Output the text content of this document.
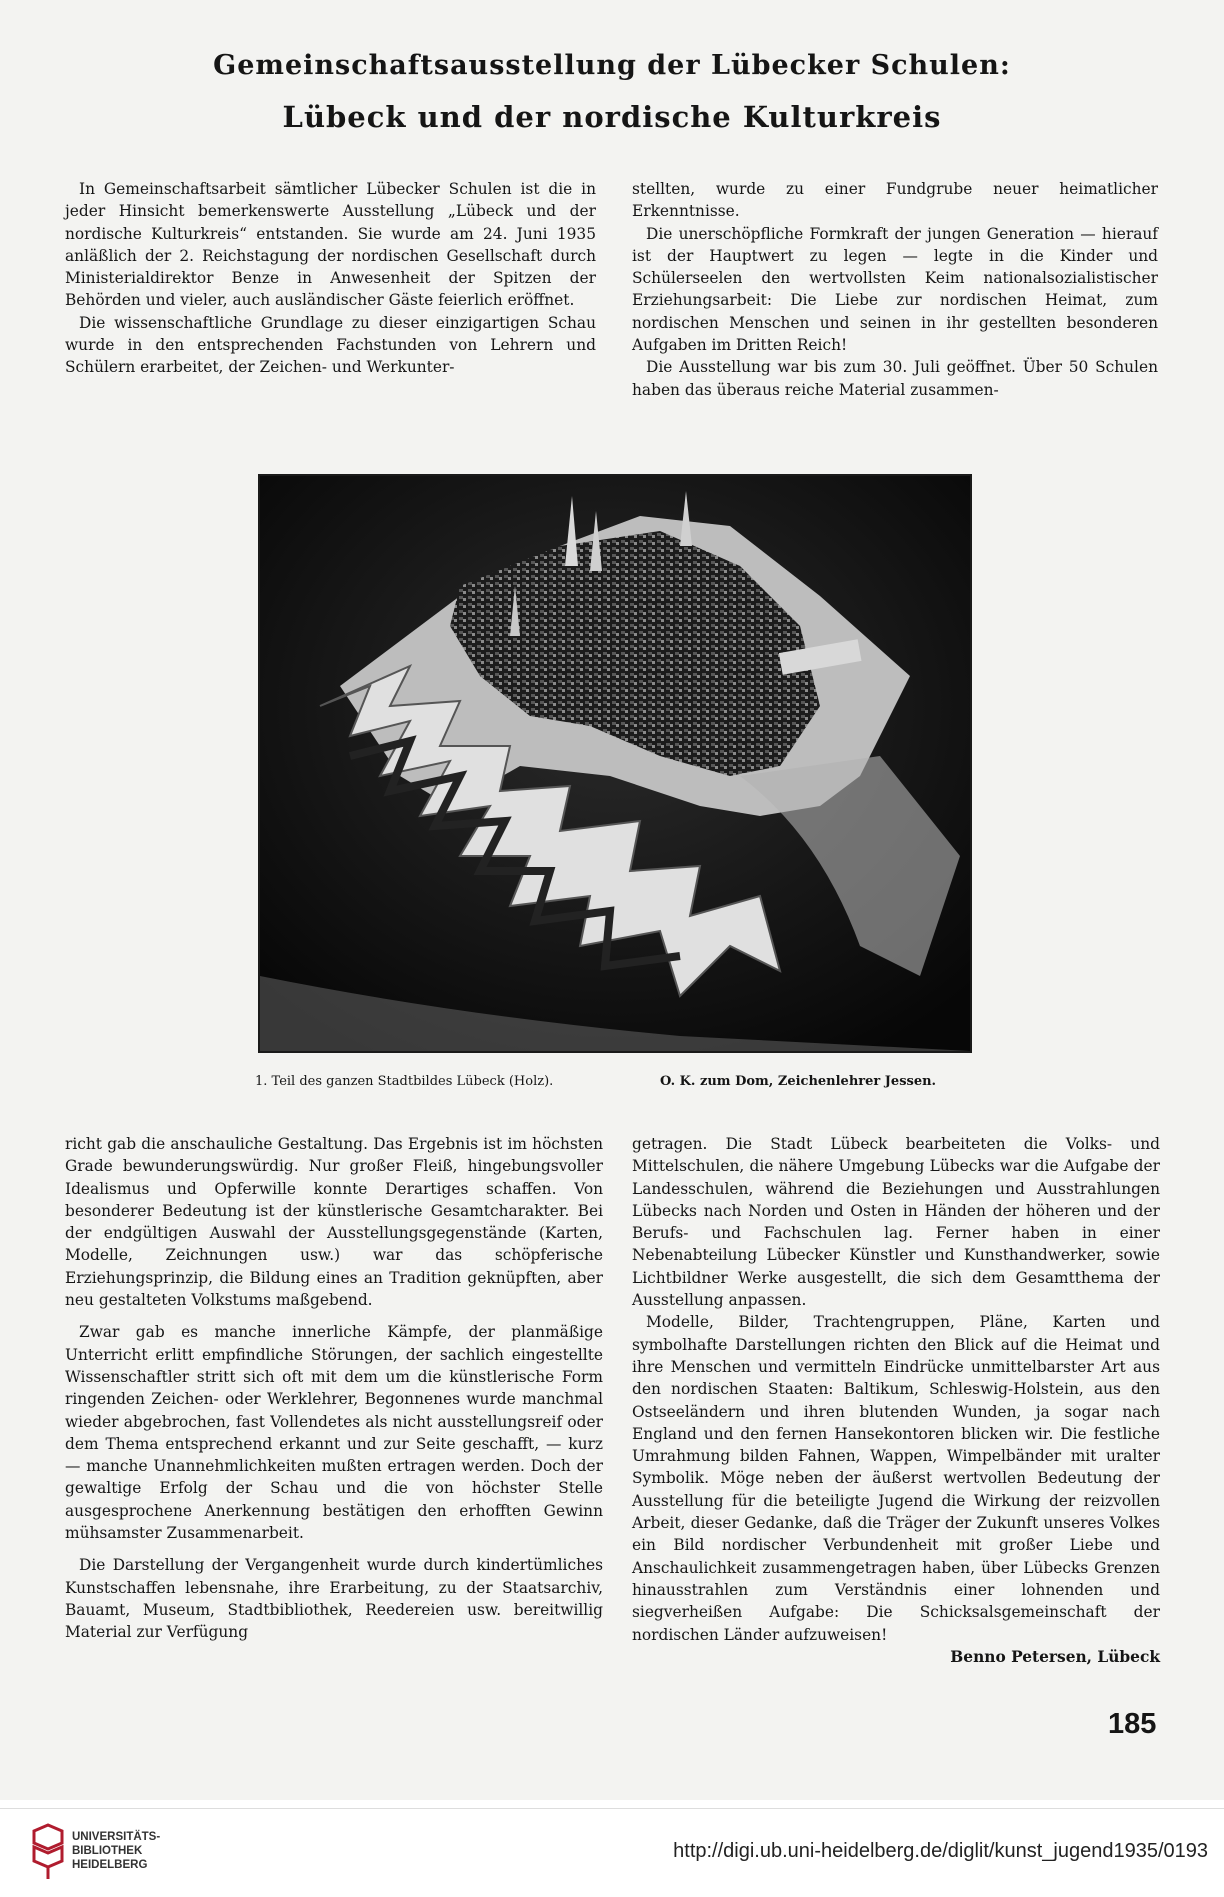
Gemeinschaftsausstellung der Lübecker Schulen:
Lübeck und der nordische Kulturkreis

In Gemeinschaftsarbeit sämtlicher Lübecker Schulen ist die in jeder Hinsicht bemerkenswerte Ausstellung „Lübeck und der nordische Kulturkreis“ entstanden. Sie wurde am 24. Juni 1935 anläßlich der 2. Reichstagung der nordischen Gesellschaft durch Ministerialdirektor Benze in Anwesenheit der Spitzen der Behörden und vieler, auch ausländischer Gäste feierlich eröffnet.

Die wissenschaftliche Grundlage zu dieser einzigartigen Schau wurde in den entsprechenden Fachstunden von Lehrern und Schülern erarbeitet, der Zeichen- und Werkunter-

stellten, wurde zu einer Fundgrube neuer heimatlicher Erkenntnisse.

Die unerschöpfliche Formkraft der jungen Generation — hierauf ist der Hauptwert zu legen — legte in die Kinder und Schülerseelen den wertvollsten Keim nationalsozialistischer Erziehungsarbeit: Die Liebe zur nordischen Heimat, zum nordischen Menschen und seinen in ihr gestellten besonderen Aufgaben im Dritten Reich!

Die Ausstellung war bis zum 30. Juli geöffnet. Über 50 Schulen haben das überaus reiche Material zusammen-

1. Teil des ganzen Stadtbildes Lübeck (Holz).	O. K. zum Dom, Zeichenlehrer Jessen.

richt gab die anschauliche Gestaltung. Das Ergebnis ist im höchsten Grade bewunderungswürdig. Nur großer Fleiß, hingebungsvoller Idealismus und Opferwille konnte Derartiges schaffen. Von besonderer Bedeutung ist der künstlerische Gesamtcharakter. Bei der endgültigen Auswahl der Ausstellungsgegenstände (Karten, Modelle, Zeichnungen usw.) war das schöpferische Erziehungsprinzip, die Bildung eines an Tradition geknüpften, aber neu gestalteten Volkstums maßgebend.

Zwar gab es manche innerliche Kämpfe, der planmäßige Unterricht erlitt empfindliche Störungen, der sachlich eingestellte Wissenschaftler stritt sich oft mit dem um die künstlerische Form ringenden Zeichen- oder Werklehrer, Begonnenes wurde manchmal wieder abgebrochen, fast Vollendetes als nicht ausstellungsreif oder dem Thema entsprechend erkannt und zur Seite geschafft, — kurz — manche Unannehmlichkeiten mußten ertragen werden. Doch der gewaltige Erfolg der Schau und die von höchster Stelle ausgesprochene Anerkennung bestätigen den erhofften Gewinn mühsamster Zusammenarbeit.

Die Darstellung der Vergangenheit wurde durch kindertümliches Kunstschaffen lebensnahe, ihre Erarbeitung, zu der Staatsarchiv, Bauamt, Museum, Stadtbibliothek, Reedereien usw. bereitwillig Material zur Verfügung

getragen. Die Stadt Lübeck bearbeiteten die Volks- und Mittelschulen, die nähere Umgebung Lübecks war die Aufgabe der Landesschulen, während die Beziehungen und Ausstrahlungen Lübecks nach Norden und Osten in Händen der höheren und der Berufs- und Fachschulen lag. Ferner haben in einer Nebenabteilung Lübecker Künstler und Kunsthandwerker, sowie Lichtbildner Werke ausgestellt, die sich dem Gesamtthema der Ausstellung anpassen.

Modelle, Bilder, Trachtengruppen, Pläne, Karten und symbolhafte Darstellungen richten den Blick auf die Heimat und ihre Menschen und vermitteln Eindrücke unmittelbarster Art aus den nordischen Staaten: Baltikum, Schleswig-Holstein, aus den Ostseeländern und ihren blutenden Wunden, ja sogar nach England und den fernen Hansekontoren blicken wir. Die festliche Umrahmung bilden Fahnen, Wappen, Wimpelbänder mit uralter Symbolik. Möge neben der äußerst wertvollen Bedeutung der Ausstellung für die beteiligte Jugend die Wirkung der reizvollen Arbeit, dieser Gedanke, daß die Träger der Zukunft unseres Volkes ein Bild nordischer Verbundenheit mit großer Liebe und Anschaulichkeit zusammengetragen haben, über Lübecks Grenzen hinausstrahlen zum Verständnis einer lohnenden und siegverheißen Aufgabe: Die Schicksalsgemeinschaft der nordischen Länder aufzuweisen!

Benno Petersen, Lübeck

185
UNIVERSITÄTS-
BIBLIOTHEK
HEIDELBERG
http://digi.ub.uni-heidelberg.de/diglit/kunst_jugend1935/0193
